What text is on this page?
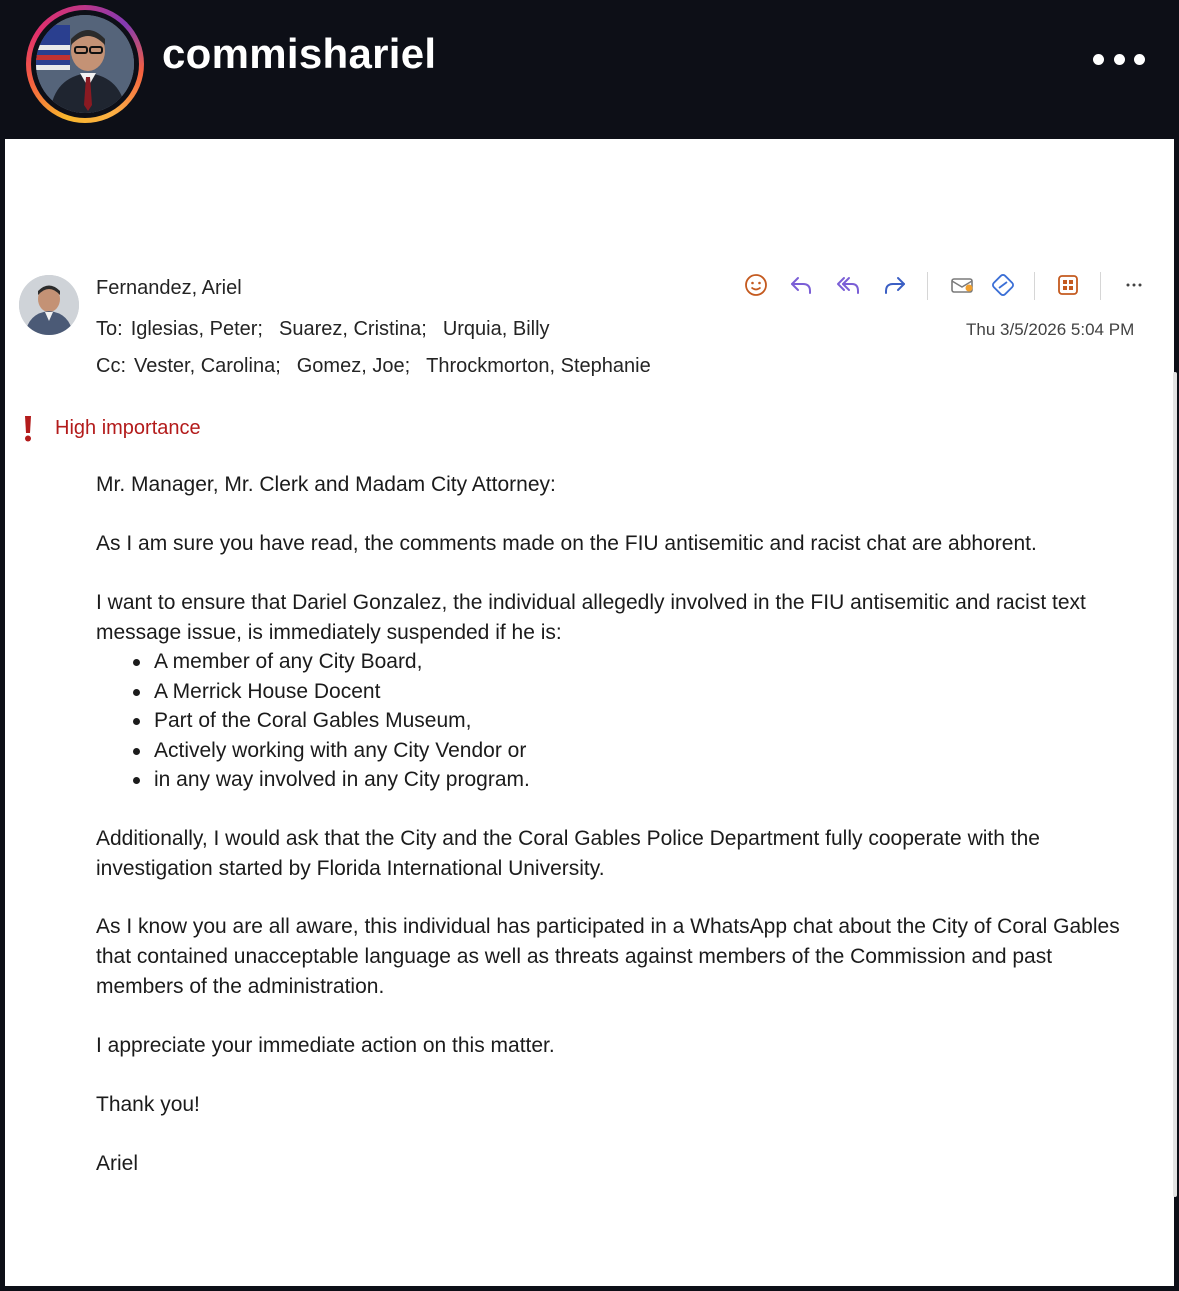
commishariel
Fernandez, Ariel
To: Iglesias, Peter; Suarez, Cristina; Urquia, Billy
Cc: Vester, Carolina; Gomez, Joe; Throckmorton, Stephanie
Thu 3/5/2026 5:04 PM
High importance
Mr. Manager, Mr. Clerk and Madam City Attorney:
As I am sure you have read, the comments made on the FIU antisemitic and racist chat are abhorent.
I want to ensure that Dariel Gonzalez, the individual allegedly involved in the FIU antisemitic and racist text message issue, is immediately suspended if he is:
A member of any City Board,
A Merrick House Docent
Part of the Coral Gables Museum,
Actively working with any City Vendor or
in any way involved in any City program.
Additionally, I would ask that the City and the Coral Gables Police Department fully cooperate with the investigation started by Florida International University.
As I know you are all aware, this individual has participated in a WhatsApp chat about the City of Coral Gables that contained unacceptable language as well as threats against members of the Commission and past members of the administration.
I appreciate your immediate action on this matter.
Thank you!
Ariel
